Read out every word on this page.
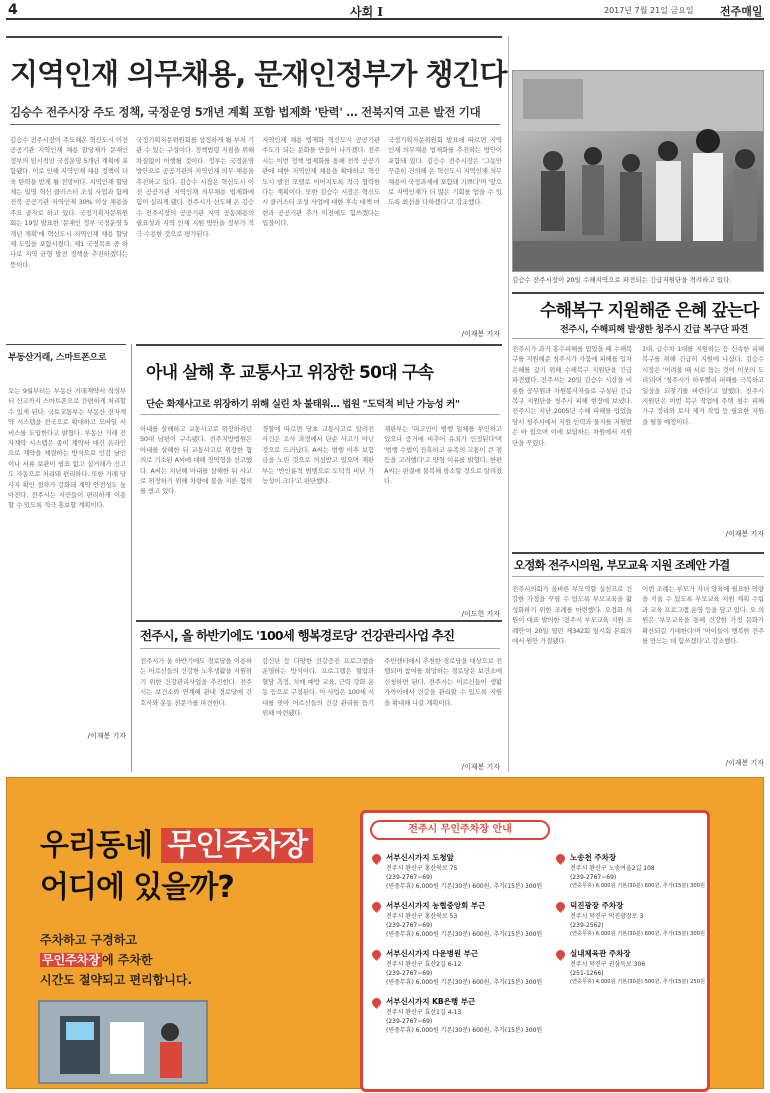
4	사회 I	2017년 7월 21일 금요일 전주매일
지역인재 의무채용, 문재인정부가 챙긴다
김승수 전주시장 주도 정책, 국정운영 5개년 계획 포함 법제화 '탄력' … 전북지역 고른 발전 기대
김승수 전주시장이 주도해온 혁신도시 이전 공공기관 지역인재 채용 할당제가 문재인 정부의 임시적인 국정운영 5개년 계획에 포함됐다. 이로 인해 지역인재 채용 정책이 더욱 탄력을 받게 될 전망이다. 지역인재 할당제는 일명 혁신 클러스터 조성 사업과 함께 전북 공공기관 지역인재 30% 이상 채용을 주요 골자로 하고 있다. 국정기획자문위원회는 19일 발표한 '문재인 정부 국정운영 5개년 계획'에 혁신도시 지역인재 채용 할당제 도입을 포함시켰다. 제1 국정목표 중 하나로 지역 균형 발전 정책을 추진하겠다는 뜻이다.
국정기획자문위원회를 상정하게 될 부처 기관 수 있는 구성이다. 정책법령 지침을 위해 차질없이 이행될 것이다. 정부는 국정운영 방안으로 공공기관의 지역인재 의무 채용을 추진하고 있다. 김승수 시장은 혁신도시 이전 공공기관 지역인재 의무채용 법제화에 힘이 실리게 됐다. 전주시가 선도해 온 김승수 전주시장의 공공기관 지역 공동채용의 필요성과 지역 인재 지원 방안을 정부가 적극 수용한 것으로 평가된다.
지역인재 채용 법제화 혁신도시 공공기관 주도가 되는 문화를 만들어 나가겠다. 전주시는 이번 정책 법제화를 통해 전북 공공기관에 대한 지역인재 채용을 확대하고 혁신도시 발전 모델로 이어지도록 적극 협력한다는 계획이다. 또한 김승수 시장은 혁신도시 클러스터 조성 사업에 대한 후속 대책 마련과 공공기관 추가 이전에도 힘쓰겠다는 입장이다.
국정기획자문위원회 발표에 따르면 지역인재 의무채용 법제화를 추진하는 방안이 포함돼 있다. 김승수 전주시장은 '그동안 꾸준히 건의해 온 혁신도시 지역인재 의무채용이 국정과제에 포함돼 기쁘다'며 '앞으로 지역인재가 더 많은 기회를 얻을 수 있도록 최선을 다하겠다'고 강조했다.
/이재봉 기자
김승수 전주시장이 20일 수해지역으로 파견되는 긴급지원단을 격려하고 있다.
수해복구 지원해준 은혜 갚는다
전주시, 수해피해 발생한 청주시 긴급 복구단 파견
전주시가 과거 홍수피해를 입었을 때 수해복구를 지원해준 청주시가 가뭄에 피해를 입자 은혜를 갚기 위해 수해복구 지원단을 긴급 파견했다. 전주시는 20일 김승수 시장을 비롯한 공무원과 자원봉사자들로 구성된 긴급복구 지원단을 청주시 피해 현장에 보냈다. 전주시는 지난 2005년 수해 피해를 입었을 당시 청주시에서 지원 인력과 물자를 지원받은 바 있으며 이에 보답하는 차원에서 지원단을 꾸렸다.
1대, 급수차 1대를 지원하는 등 신속한 피해 복구를 위해 긴급히 지원에 나섰다. 김승수 시장은 '어려울 때 서로 돕는 것이 이웃의 도리'라며 '청주시가 하루빨리 피해를 극복하고 일상을 되찾기를 바란다'고 말했다. 전주시 지원단은 이번 복구 작업에 주택 침수 피해 가구 정리와 토사 제거 작업 등 필요한 지원을 펼칠 예정이다.
/이재봉 기자
부동산거래, 스마트폰으로
오는 9월부터는 부동산 거래계약서 작성부터 신고까지 스마트폰으로 간편하게 처리할 수 있게 된다. 국토교통부는 부동산 전자계약 시스템을 전국으로 확대하고 모바일 서비스를 도입한다고 밝혔다. 부동산 거래 전자계약 시스템은 종이 계약서 대신 온라인으로 계약을 체결하는 방식으로 인감 날인이나 서류 보관이 필요 없고 실거래가 신고도 자동으로 처리돼 편리하다. 또한 거래 당사자 확인 절차가 강화돼 계약 안전성도 높아진다. 전주시는 시민들이 편리하게 이용할 수 있도록 적극 홍보할 계획이다.
/이재봉 기자
아내 살해 후 교통사고 위장한 50대 구속
단순 화재사고로 위장하기 위해 실린 차 불태워… 법원 "도덕적 비난 가능성 커"
아내를 살해하고 교통사고로 위장하려던 50대 남편이 구속됐다. 전주지방법원은 아내를 살해한 뒤 교통사고로 위장한 혐의로 기소된 A씨에 대해 징역형을 선고했다. A씨는 지난해 아내를 살해한 뒤 사고로 위장하기 위해 차량에 불을 지른 혐의를 받고 있다.
경찰에 따르면 당초 교통사고로 알려진 사건은 조사 과정에서 단순 사고가 아닌 것으로 드러났다. A씨는 범행 이후 보험금을 노린 것으로 의심받고 있으며 재판부는 '반인륜적 범행으로 도덕적 비난 가능성이 크다'고 판단했다.
재판부는 '피고인이 범행 일체를 부인하고 있으나 증거에 비추어 유죄가 인정된다'며 '범행 수법이 잔혹하고 유족의 고통이 큰 점 등을 고려했다'고 양형 이유를 밝혔다. 한편 A씨는 판결에 불복해 항소할 것으로 알려졌다.
/이도헌 기자
오정화 전주시의원, 부모교육 지원 조례안 가결
전주시의회가 올바른 부모역할 실천으로 건강한 가정을 꾸릴 수 있도록 부모교육을 활성화하기 위한 조례를 마련했다. 오정화 의원이 대표 발의한 '전주시 부모교육 지원 조례안'이 20일 열린 제342회 임시회 본회의에서 원안 가결됐다.
이번 조례는 부모가 자녀 양육에 필요한 역량을 키울 수 있도록 부모교육 지원 계획 수립과 교육 프로그램 운영 등을 담고 있다. 오 의원은 '부모교육을 통해 건강한 가정 문화가 확산되길 기대한다'며 '아이들이 행복한 전주를 만드는 데 힘쓰겠다'고 강조했다.
/이재봉 기자
전주시, 올 하반기에도 '100세 행복경로당' 건강관리사업 추진
전주시가 올 하반기에도 경로당을 이용하는 어르신들의 건강한 노후생활을 지원하기 위한 건강관리사업을 추진한다. 전주시는 보건소와 연계해 관내 경로당에 간호사와 운동 전문가를 파견한다.
감신단 등 다양한 건강증진 프로그램을 운영하는 방식이다. 프로그램은 혈압과 혈당 측정, 치매 예방 교육, 근력 강화 운동 등으로 구성된다. 이 사업은 100세 시대를 맞아 어르신들의 건강 관리를 돕기 위해 마련됐다.
주민센터에서 추천한 경로당을 대상으로 진행되며 참여를 희망하는 경로당은 보건소에 신청하면 된다. 전주시는 어르신들이 생활 가까이에서 건강을 관리할 수 있도록 지원을 확대해 나갈 계획이다.
/이재봉 기자
우리동네 무인주차장
어디에 있을까?
주차하고 구경하고
무인주차장 에 주차한
시간도 절약되고 편리합니다.
전주시 무인주차장 안내
서부신시가지 도청앞
전주시 완산구 홍산북로 75
(239-2767~69)
(연중무휴) 6,000원 기본(30분) 600원, 추가(15분) 300원
서부신시가지 농협중앙회 부근
전주시 완산구 홍산북로 53
(239-2767~69)
(연중무휴) 6,000원 기본(30분) 600원, 추가(15분) 300원
서부신시가지 다운병원 부근
전주시 완산구 효산2길 6-12
(239-2767~69)
(연중무휴) 6,000원 기본(30분) 600원, 추가(15분) 300원
서부신시가지 KB은행 부근
전주시 완산구 효산1길 4-13
(239-2767~69)
(연중무휴) 6,000원 기본(30분) 600원, 추가(15분) 300원
노송천 주차장
전주시 완산구 노송여울2길 108
(239-2767~69)
(연중무휴) 6,000원 기본(30분) 600원, 추가(15분) 300원
덕진광장 주차장
전주시 덕진구 덕진광장로 3
(239-2562)
(연중무휴) 6,000원 기본(30분) 600원, 추가(15분) 300원
실내체육관 주차장
전주시 덕진구 권삼득로 306
(251-1266)
(연중무휴) 4,000원 기본(30분) 500원, 추가(15분) 250원
